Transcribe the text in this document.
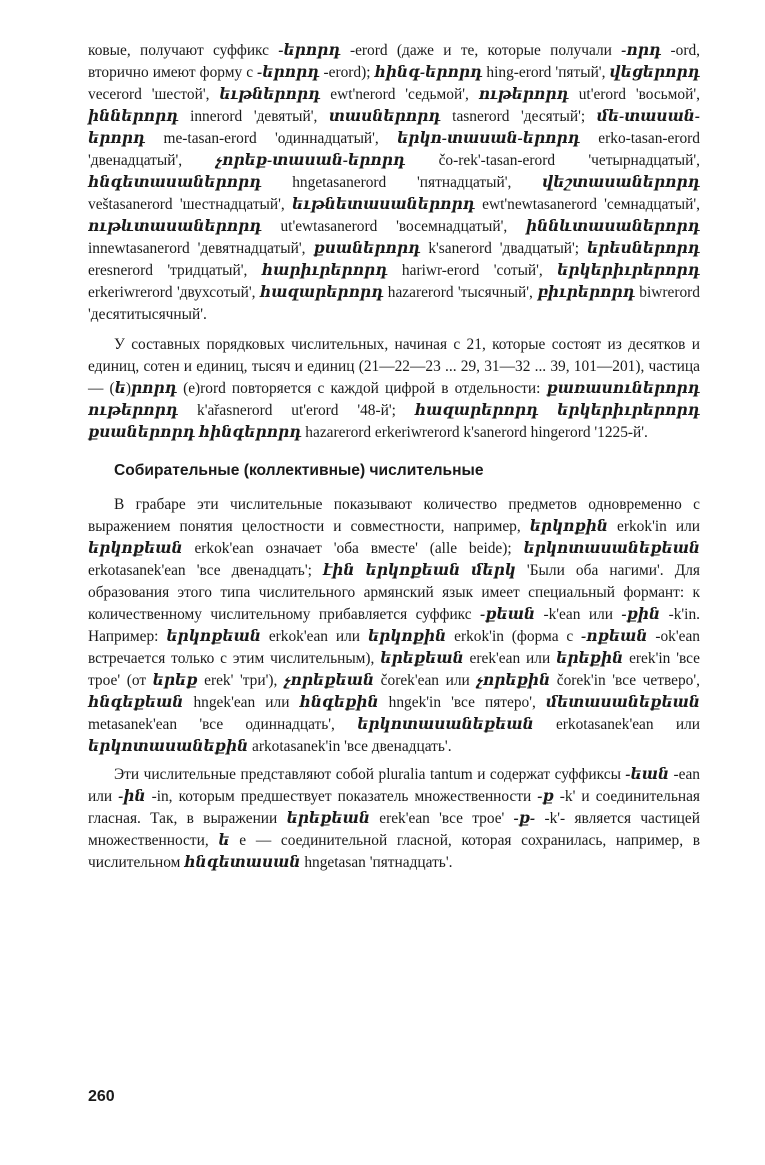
ковые, получают суффикс -երորդ -erord (даже и те, которые получали -որդ -ord, вторично имеют форму с -երորդ -erord); հինգ-երորդ hing-erord 'пятый', վեցերորդ vecerord 'шестой', եւթներորդ ewt'nerord 'седьмой', ութերորդ ut'erord 'восьмой', իններորդ innerord 'девятый', տասներորդ tasnerord 'десятый'; մե-տասան-երորդ me-tasan-erord 'одиннадцатый', երկո-տասան-երորդ erko-tasan-erord 'двенадцатый', չորեք-տասան-երորդ čo-rek'-tasan-erord 'четырнадцатый', հնգետասաներորդ hngetasanerord 'пятнадцатый', վեշտասաներորդ veštasanerord 'шестнадцатый', եւթնետասաներորդ ewt'newtasanerord 'семнадцатый', ութևտասաներորդ ut'ewtasanerord 'восемнадцатый', իննևտասաներորդ innewtasanerord 'девятнадцатый', քսաներորդ k'sanerord 'двадцатый'; երեսներորդ eresnerord 'тридцатый', հարիւրերորդ hariwr-erord 'сотый', երկերիւրերորդ erkeriwrerord 'двухсотый', հազարերորդ hazarerord 'тысячный', բիւրերորդ biwrerord 'десятитысячный'.

У составных порядковых числительных, начиная с 21, которые состоят из десятков и единиц, сотен и единиц, тысяч и единиц (21—22—23 ... 29, 31—32 ... 39, 101—201), частица — (ե)րորդ (e)rord повторяется с каждой цифрой в отдельности: քառասուներորդ ութերորդ k'ařasnerord ut'erord '48-й'; հազարերորդ երկերիւրերորդ քսաներորդ հինգերորդ hazarerord erkeriwrerord k'sanerord hingerord '1225-й'.

Собирательные (коллективные) числительные

В грабаре эти числительные показывают количество предметов одновременно с выражением понятия целостности и совместности, например, երկոքին erkok'in или երկոքեան erkok'ean означает 'оба вместе' (alle beide); երկոտասանեքեան erkotasanek'ean 'все двенадцать'; էին երկոքեան մերկ 'Были оба нагими'. Для образования этого типа числительного армянский язык имеет специальный формант: к количественному числительному прибавляется суффикс -քեան -k'ean или -քին -k'in. Например: երկոքեան erkok'ean или երկոքին erkok'in (форма с -ոքեան -ok'ean встречается только с этим числительным), երեքեան erek'ean или երեքին erek'in 'все трое' (от երեք erek' 'три'), չորեքեան čorek'ean или չորեքին čorek'in 'все четверо', հնգեքեան hngek'ean или հնգեքին hngek'in 'все пятеро', մետասանեքեան metasanek'ean 'все одиннадцать', երկոտասանեքեան erkotasanek'ean или երկոտասանեքին arkotasanek'in 'все двенадцать'.

Эти числительные представляют собой pluralia tantum и содержат суффиксы -եան -ean или -ին -in, которым предшествует показатель множественности -ք -k' и соединительная гласная. Так, в выражении երեքեան erek'ean 'все трое' -ք- -k'- является частицей множественности, ե e — соединительной гласной, которая сохранилась, например, в числительном հնգետասան hngetasan 'пятнадцать'.

260
